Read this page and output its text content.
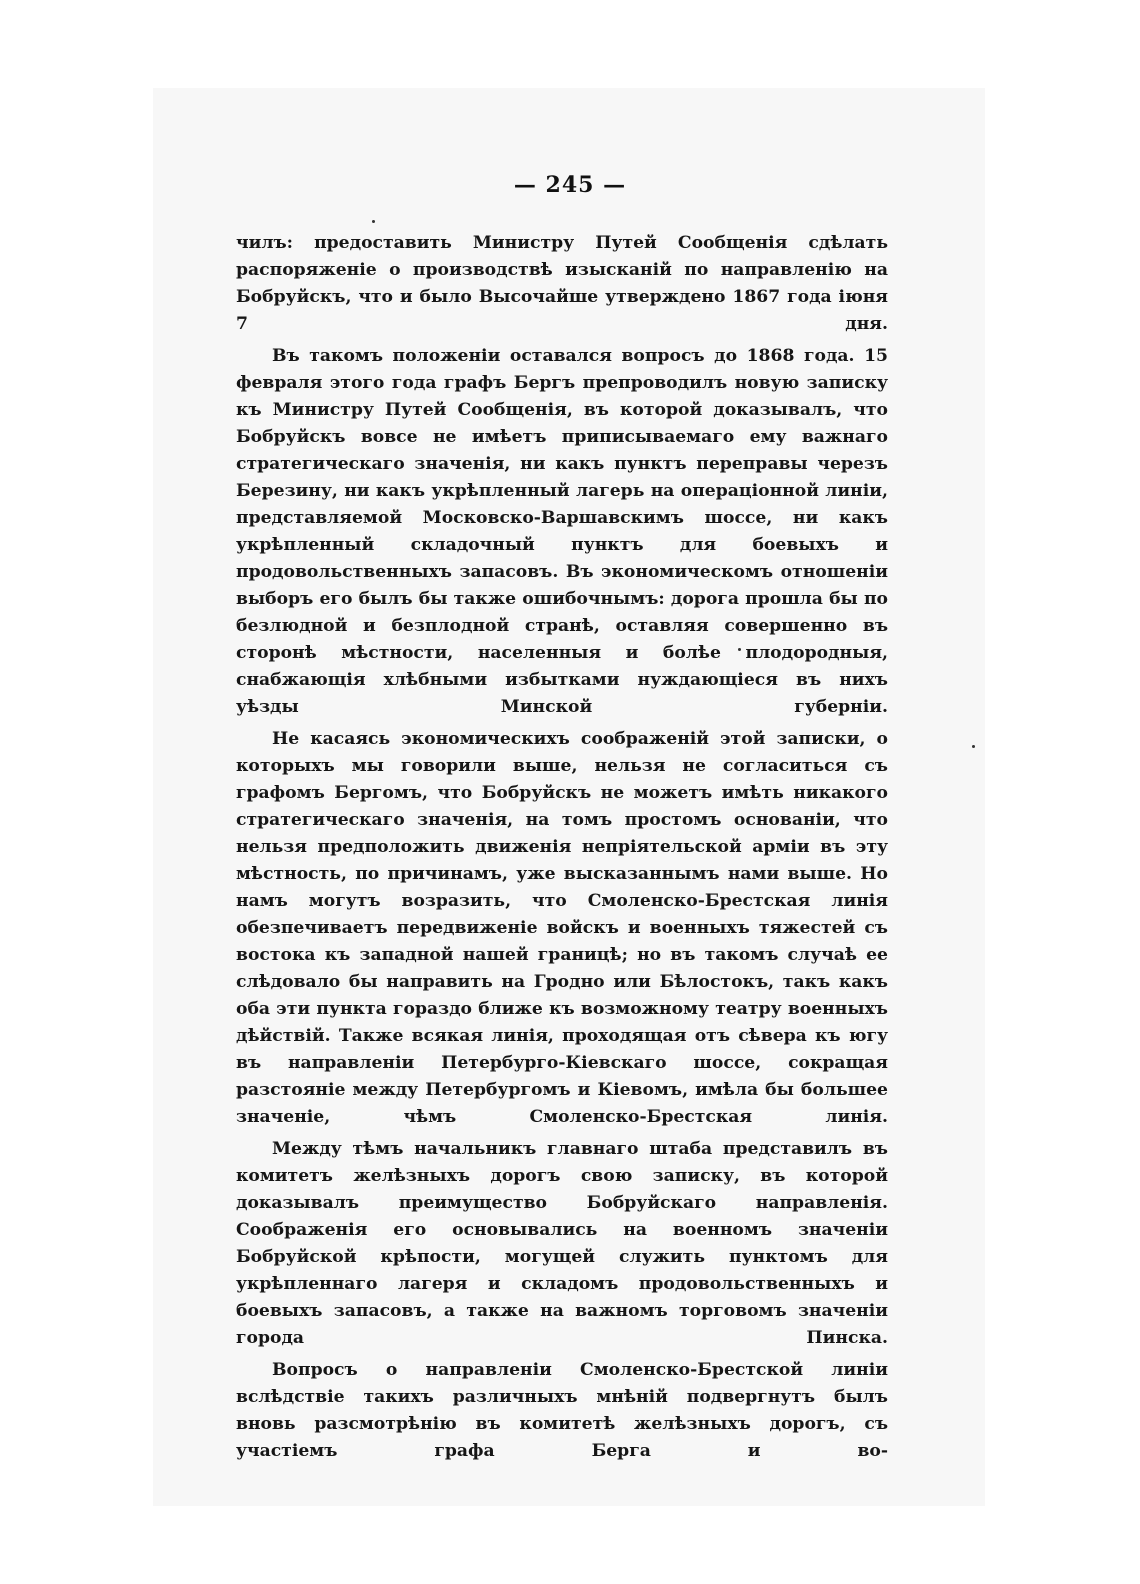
— 245 —

чилъ: предоставить Министру Путей Сообщенія сдѣлать распоряженіе о производствѣ изысканій по направленію на Бобруйскъ, что и было Высочайше утверждено 1867 года іюня 7 дня.

Въ такомъ положеніи оставался вопросъ до 1868 года. 15 февраля этого года графъ Бергъ препроводилъ новую записку къ Министру Путей Сообщенія, въ которой доказывалъ, что Бобруйскъ вовсе не имѣетъ приписываемаго ему важнаго стратегическаго значенія, ни какъ пунктъ переправы черезъ Березину, ни какъ укрѣпленный лагерь на операціонной линіи, представляемой Московско-Варшавскимъ шоссе, ни какъ укрѣпленный складочный пунктъ для боевыхъ и продовольственныхъ запасовъ. Въ экономическомъ отношеніи выборъ его былъ бы также ошибочнымъ: дорога прошла бы по безлюдной и безплодной странѣ, оставляя совершенно въ сторонѣ мѣстности, населенныя и болѣе плодородныя, снабжающія хлѣбными избытками нуждающіеся въ нихъ уѣзды Минской губерніи.

Не касаясь экономическихъ соображеній этой записки, о которыхъ мы говорили выше, нельзя не согласиться съ графомъ Бергомъ, что Бобруйскъ не можетъ имѣть никакого стратегическаго значенія, на томъ простомъ основаніи, что нельзя предположить движенія непріятельской арміи въ эту мѣстность, по причинамъ, уже высказаннымъ нами выше. Но намъ могутъ возразить, что Смоленско-Брестская линія обезпечиваетъ передвиженіе войскъ и военныхъ тяжестей съ востока къ западной нашей границѣ; но въ такомъ случаѣ ее слѣдовало бы направить на Гродно или Бѣлостокъ, такъ какъ оба эти пункта гораздо ближе къ возможному театру военныхъ дѣйствій. Также всякая линія, проходящая отъ сѣвера къ югу въ направленіи Петербурго-Кіевскаго шоссе, сокращая разстояніе между Петербургомъ и Кіевомъ, имѣла бы большее значеніе, чѣмъ Смоленско-Брестская линія.

Между тѣмъ начальникъ главнаго штаба представилъ въ комитетъ желѣзныхъ дорогъ свою записку, въ которой доказывалъ преимущество Бобруйскаго направленія. Соображенія его основывались на военномъ значеніи Бобруйской крѣпости, могущей служить пунктомъ для укрѣпленнаго лагеря и складомъ продовольственныхъ и боевыхъ запасовъ, а также на важномъ торговомъ значеніи города Пинска.

Вопросъ о направленіи Смоленско-Брестской линіи вслѣдствіе такихъ различныхъ мнѣній подвергнутъ былъ вновь разсмотрѣнію въ комитетѣ желѣзныхъ дорогъ, съ участіемъ графа Берга и во-
